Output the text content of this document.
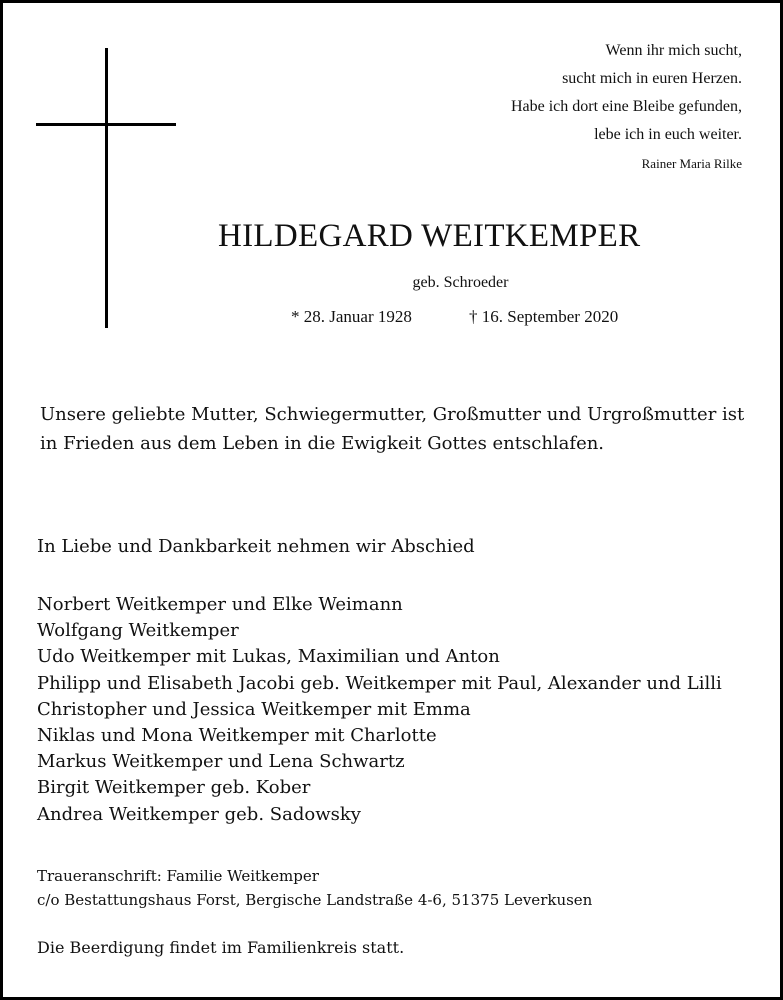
Wenn ihr mich sucht,
sucht mich in euren Herzen.
Habe ich dort eine Bleibe gefunden,
lebe ich in euch weiter.
Rainer Maria Rilke
HILDEGARD WEITKEMPER
geb. Schroeder
* 28. Januar 1928	† 16. September 2020
Unsere geliebte Mutter, Schwiegermutter, Großmutter und Urgroßmutter ist in Frieden aus dem Leben in die Ewigkeit Gottes entschlafen.
In Liebe und Dankbarkeit nehmen wir Abschied
Norbert Weitkemper und Elke Weimann
Wolfgang Weitkemper
Udo Weitkemper mit Lukas, Maximilian und Anton
Philipp und Elisabeth Jacobi geb. Weitkemper mit Paul, Alexander und Lilli
Christopher und Jessica Weitkemper mit Emma
Niklas und Mona Weitkemper mit Charlotte
Markus Weitkemper und Lena Schwartz
Birgit Weitkemper geb. Kober
Andrea Weitkemper geb. Sadowsky
Traueranschrift: Familie Weitkemper
c/o Bestattungshaus Forst, Bergische Landstraße 4-6, 51375 Leverkusen
Die Beerdigung findet im Familienkreis statt.
